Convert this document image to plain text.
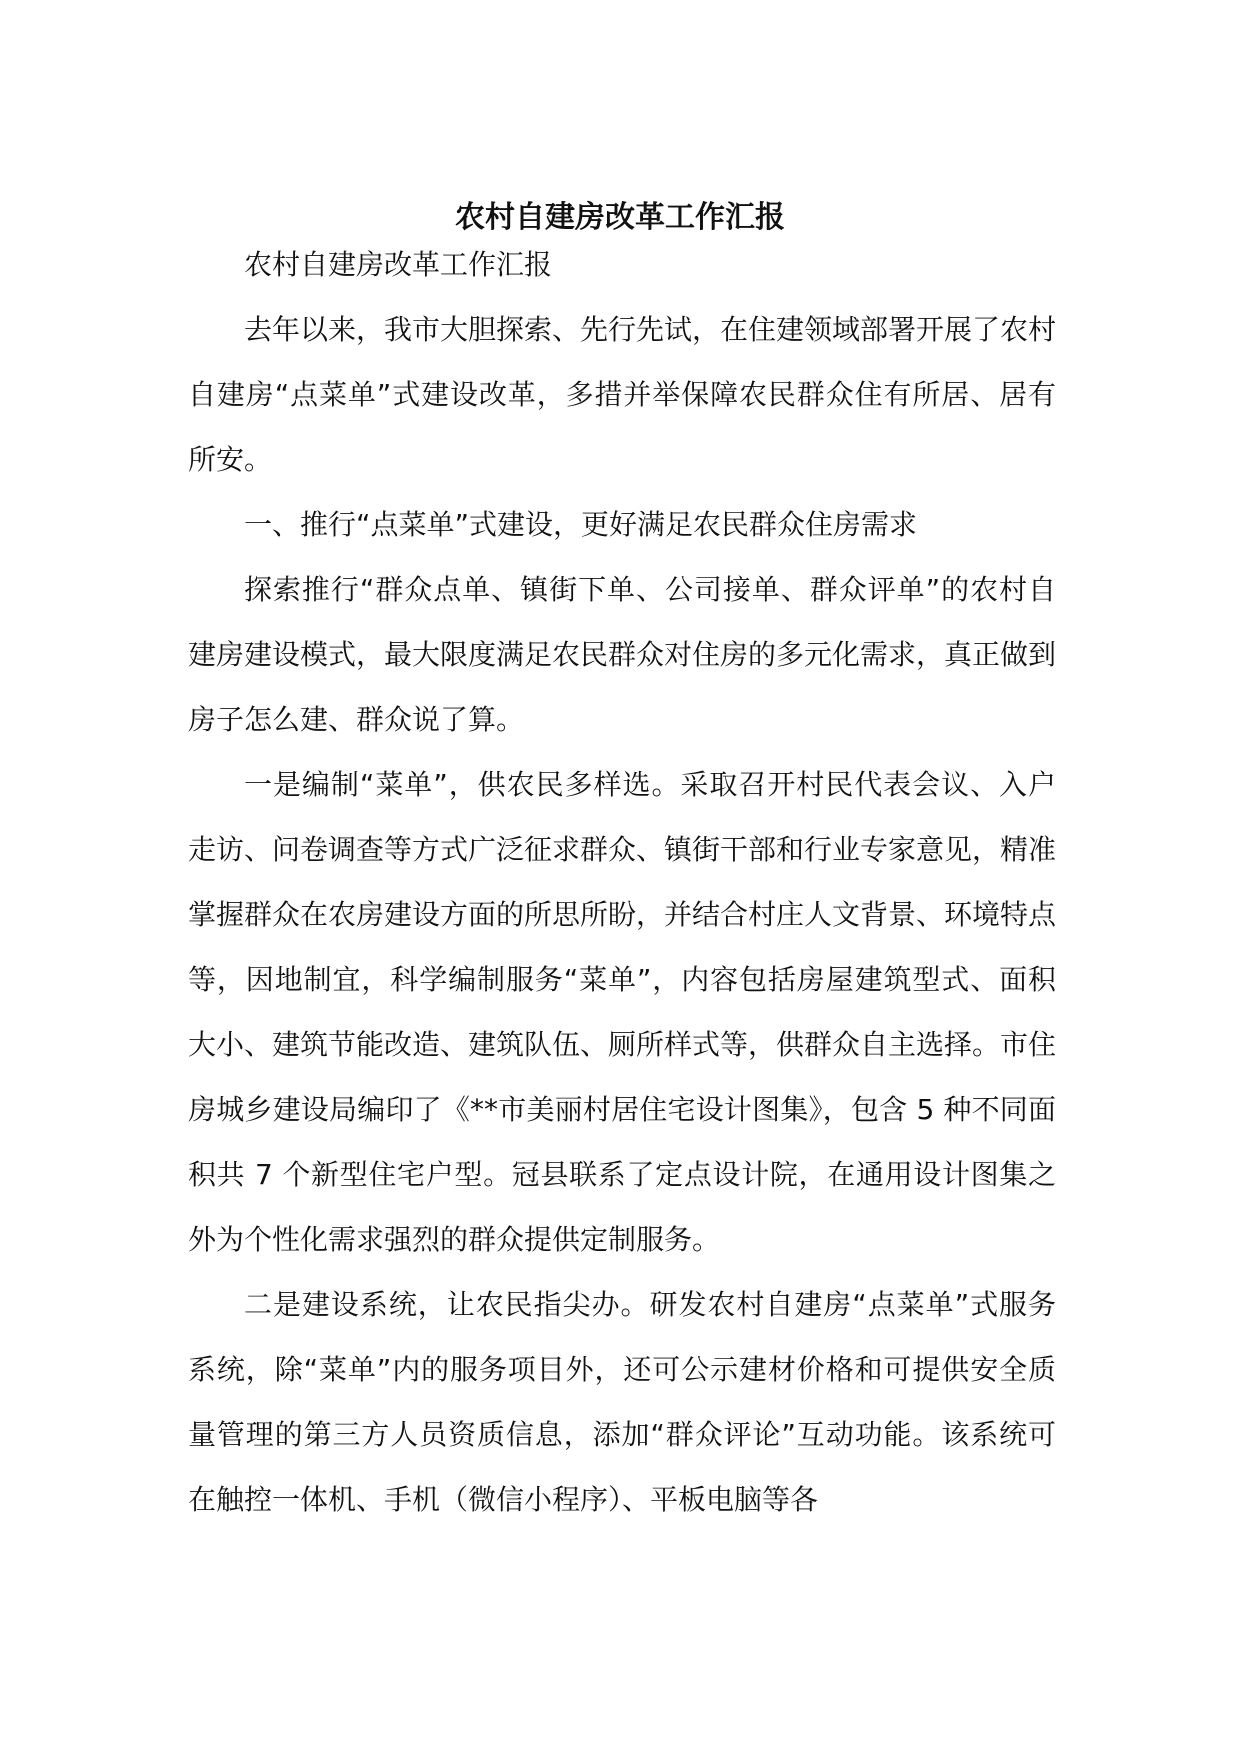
农村自建房改革工作汇报

农村自建房改革工作汇报

去年以来，我市大胆探索、先行先试，在住建领域部署开展了农村自建房“点菜单”式建设改革，多措并举保障农民群众住有所居、居有所安。

一、推行“点菜单”式建设，更好满足农民群众住房需求

探索推行“群众点单、镇街下单、公司接单、群众评单”的农村自建房建设模式，最大限度满足农民群众对住房的多元化需求，真正做到房子怎么建、群众说了算。

一是编制“菜单”，供农民多样选。采取召开村民代表会议、入户走访、问卷调查等方式广泛征求群众、镇街干部和行业专家意见，精准掌握群众在农房建设方面的所思所盼，并结合村庄人文背景、环境特点等，因地制宜，科学编制服务“菜单”，内容包括房屋建筑型式、面积大小、建筑节能改造、建筑队伍、厕所样式等，供群众自主选择。市住房城乡建设局编印了《**市美丽村居住宅设计图集》，包含 5 种不同面积共 7 个新型住宅户型。冠县联系了定点设计院，在通用设计图集之外为个性化需求强烈的群众提供定制服务。

二是建设系统，让农民指尖办。研发农村自建房“点菜单”式服务系统，除“菜单”内的服务项目外，还可公示建材价格和可提供安全质量管理的第三方人员资质信息，添加“群众评论”互动功能。该系统可在触控一体机、手机（微信小程序）、平板电脑等各
